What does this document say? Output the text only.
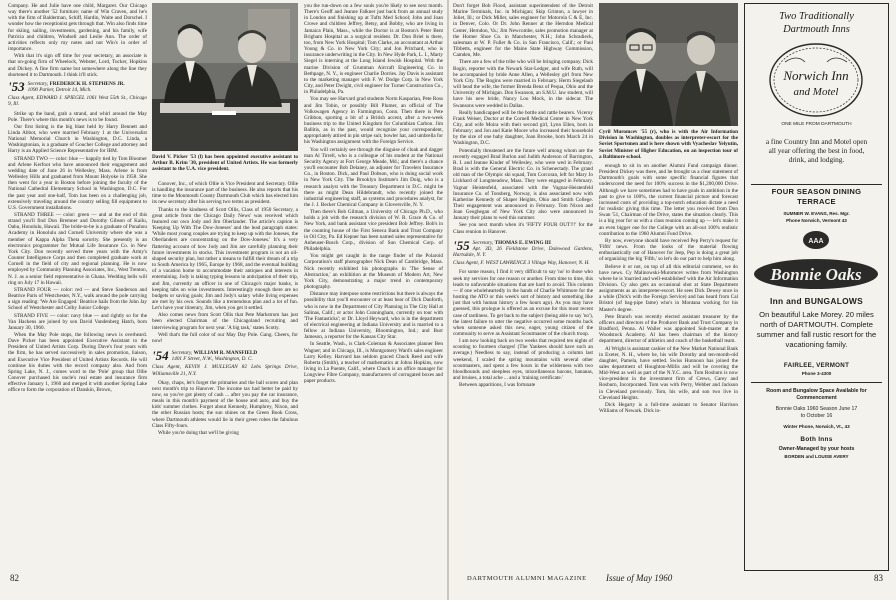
Company. He and Julie have one child, Margaret. Our Chicago way there's another '52 furniture; name of Win Craven, and he's with the firm of Balderman, Schiff, Hardin, Waite and Dorschel. I wonder how the receptionist gets through that. Win also finds time for skiing, sailing, investments, gardening, and his family, wife Patricia and children, Windsell and Leslie Ann. The order of activities reflects only my notes and not Win's in order of importance.

With that it's sign off time for your secretary, an associate is that on-going firm of Wheelock, Webster, Lord, Tucker, Hopkins and Dickey. A fine firm name but somewhere along the line they shortened it to Dartmouth. I think it'll stick.

'53 Secretary, FREDERICK H. STEPHENS JR.
1090 Parker, Detroit 14, Mich.

Class Agent, EDWARD J. SPIEGEL 1061 West 55th St., Chicago 9, Ill.

Strike up the band, grab a strand, and whirl around the May Pole. There's where this month's news is to be found.

Our first listing is the big blast held by Harry Bennett and Linda Abbot, who were married February 1 at the Universalist National Memorial Church in Washington, D.C. Linda, a Washingtonian, is a graduate of Goucher College and attorney and Harry is an Applied Science Representative for IBM.

STRAND TWO — color: blue — happily tied by Tom Bloomer and Arlene Kerfoot who have announced their engagement and wedding date of June 26 in Wellesley, Mass. Arlene is from Wellesley Hills and graduated from Mount Holyoke in 1958. She then went for a year in Boston before joining the faculty of the National Cathedral Elementary School in Washington, D.C. For the past year and one-half, Tom has been on a challenging job, extensively traveling around the country selling fill equipment to U.S. Government installations.

STRAND THREE — color: green — and at the end of this strand you'll find Don Bremner and Dorothy Gibson of Kailu, Oahu, Honolulu, Hawaii. The bride-to-be is a graduate of Punahou Academy in Honolulu and Cornell University where she was a member of Kappa Alpha Theta sorority. She presently is an electronics programmer for Mutual Life Insurance Co. in New York City. Don recently served three years with the Army's Counter Intelligence Corps and then completed graduate work at Cornell in the field of city and regional planning. He is now employed by Community Planning Associates, Inc., West Trenton, N. J. as a senior field representative in Ghana. Wedding bells will ring on July 17 in Hawaii.

STRAND FOUR — color: red — and Steve Sanderson and Beatrice Paris of Westchester, N.Y., walk around the pole carrying a sign reading: 'We Are Engaged.' Beatrice hails from the John Jay School of Westchester and Colby Junior College.

STRAND FIVE — color: navy blue — and rightly so for the Van Hackens are joined by son David Vandenberg Hatch, born January 30, 1960.

When the May Pole stops, the following news is overheard. Dave Picker has been appointed Executive Assistant to the President of United Artists Corp. During Dave's four years with the firm, he has served successively in sales promotion, liaison, and Executive Vice President of United Artists Records. He will continue his duties with the record company also. And from Spring Lake, N. J., comes word to the 'Pole' group that Ollie Conover purchased his uncle's real estate and insurance firm effective January 1, 1960 and merged it with another Spring Lake office to form the corporation of Danskin, Brown,

David V. Picker '53 (l) has been appointed executive assistant to Arthur B. Krim '30, president of United Artists. He was formerly assistant to the U.A. vice president.

Conover, Inc., of which Ollie is Vice President and Secretary. Ollie is handling the insurance part of the business. He also reports that his time to the Monmouth County Dartmouth Club which has elected him its new secretary after his serving two terms as president.

Thanks to the kindness of Scott Ollis, Class of 1950 Secretary, a great article from the Chicago Daily News' was received which featured our own Jody and Jim Oberlander. The article's caption is 'Keeping Up With The Dow-Joneses' and the lead paragraph states: 'While most young couples are trying to keep up with the Joneses, the Oberlanders are concentrating on the Dow-Joneses.' It's a very flattering account of how Jody and Jim are carefully planning their future investments in stocks. This investment program is not an oil-shaped security plan, but rather a means to fulfill their dream of a trip to South America by 1965, Europe by 1968, and the eventual building of a vacation home to accommodate their antiques and interests in entertaining. Jody is taking typing lessons in anticipation of their trip, and Jim, currently an officer in one of Chicago's major banks, is keeping tabs on wise investments. Interestingly enough there are no budgets or saving goals; Jim and Jody's salary while living expenses are met by his own. Sounds like a tremendous plan and a lot of fun. Let's have your itinerary, Jim, when you get it settled.

Also comes news from Scott Ollis that Pete Markstrom has just been elected Chairman of the Chicagoland recruiting and interviewing program for next year. 'A big task,' states Scotty.

Well that's the full color of our May Day Pole. Gang. Cheers, for now!

'54 Secretary, WILLIAM R. MANSFIELD
1401 F Street, N.W., Washington, D. C.

Class Agent, KEVIN J. MULLIGAN 82 Lebs Springs Drive, Williamsville 21, N.Y.

Okay, chaps, let's forget the primaries and the ball scores and plan next month's trip to Hanover. The income tax had better be paid by now, so you've got plenty of cash ... after you pay the car insurance, meals in this month's payment of the house and auto, and buy the kids' summer clothes. Forget about Kennedy, Humphrey, Nixon, and the other Russian hosts; the sun shines on the Green Book Cross, where Dartmouth athletes would lie in their green robes the fabulous Class Fifty-fours.

While you're doing that we'll be giving

you the run-down on a few souls you're likely to see next month. There's Geoff and Jeanne Falkner just back from an annual study in London and finishing up at Tufts Med School; John and Joan Crowe and children Jeffrey, Betsy, and Bobby, who are living in Jamaica Plain, Mass., while the Doctor is at Boston's Peter Bent Brigham Hospital as a surgical resident. Dr. Don Briel is there, too, from New York Hospital; Tom Clarke, an accountant at Arthur Young & Co. in New York City; and Jon Pritchard, who is insurance underwriting in the City. In New Hyde Park, L. I., Marty Siegel is interning at the Long Island Jewish Hospital. With the marine Division of Grumman Aircraft Engineering Co. in Bethpage, N. Y., is engineer Charlie Dorries. Jay Davis is assistant to the marketing manager with F. W. Dodge Corp. in New York City, and Peter Dwight, civil engineer for Turner Construction Co., in Philadelphia, Pa.

You may see Harvard grad students Norm Kasparian, Pete Ross and Jim Tobin, or possibly Bill Plumer, an official of The Volkswagen Agency in Farmington, Conn. Then there is Pete Gribbon, sporting a bit of a British accent, after a two-week business trip to the United Kingdom for Columbian Carbon. Jim Ballitis, as in the past, would recognize your correspondent, appropriately attired in pin stripe suit, bowler hat, and umbrella for his Washington assignment with the Foreign Service.

You will certainly see through the disguise of cloak and dagger man Al Tirrell, who is a colleague of his student at the National Security Agency at Fort George Meade, Md.; and there's a chance you'll encounter Bob Delaney, an adjuster for Travelers Insurance Co., in Boston. Dick, and Paul Dobson, who is doing social work in New York City. The Brooklyn Institute's Jim Doig, who is a research analyst with the Treasury Department in D.C. might be there as might Dean Hildebrandt, who recently joined the industrial engineering staff, as systems and procedures analyst, for the J. J. Becker Chemical Company in Gloversville, N. Y.

Then there's Bob Gilman, a University of Chicago Ph.D., who holds a job with the research division of W. R. Grace & Co. of New York, and bank assistant vice president Bob Jeffrey. Bob's in the counting house of the First Seneca Bank and Trust Company in Oil City, Pa. Ed Kepner has been named sales representative for Anheuser-Busch Corp., division of Sun Chemical Corp. of Philadelphia.

You might get caught in the range finder of the Polaroid Corporation's staff photographer Nick Dean of Cambridge, Mass. Nick recently exhibited his photographs in 'The Sense of Abstraction,' an exhibition at the Museum of Modern Art, New York City, demonstrating a major trend in contemporary photography.

Distance may interpose some restrictions but there is always the possibility that you'll encounter or at least hear of Dick Danforth, who is now in the Department of City Planning in The City Hall at Salinas, Calif.; or actor John Cunningham, currently on tour with 'The Fantasticks'; or Dr. Lloyd Heyward, who is in the department of electrical engineering at Indiana University and is married to a fellow at Indiana University, Bloomington, Ind.; and Burr Jameson, a reporter for the Kansas City Star.

In Seattle, Wash., is Clark-Coleman & Associates planner Ben Wagner; and in Chicago, Ill., is Montgomery Ward's sales engineer Larry Kelley. Harvard has seldom graced Chuck Reed and wife Roberta (Smith), a teacher of mathematics at Johns Hopkins, now living in La Puente, Calif., where Chuck is an office manager for Longview Fibre Company, manufacturers of corrugated boxes and paper products.

82

Don't forget Bob Flood, assistant superintendent of the Detroit Marine Terminals, Inc. in Michigan; Skip Grinton, a lawyer in Joliet, Ill.; or Dick Miller, sales engineer for Motorola C & E, Inc. in Denver, Colo. Or Dr. John Renner at the Herndon Medical Center, Herndon, Va.; Jim Newcombe, sales promotion manager at the Homer Shoe Co. in Manchester, N.H.; John Schradieck, salesman at W. P. Fuller & Co. in San Francisco, Calif.; or Paul Tibbetts, engineer for the Maine State Highway Commission, Camden, Me.

There are a few of the tribe who will be bringing company. Dick Bogin, reporter with the Newark Star-Ledger, and wife Ruth, will be accompanied by bride Anne Allen, a Wellesley girl from New York City. The Rogins were married in February. Herm Siegelaub will head the wife, the former Brenda Benz of Pequa, Ohio and the University of Michigan. Don Swanson, an S.M.U. law student, will have his new bride, Nancy Lou Mock, in the sidecar. The Swansons were wedded in Dallas.

Really handicapped will be the bottle and rattle bearers. Viceroy Frank Weiser, Doctor at the Cornell Medical Center in New York City, and wife Moira with their second girl, Lynn Ellen, born in February; and Jon and Katie Moore who increased their household by the size of one baby daughter, Joan Brooke, born March 24 in Washington, D.C.

Potentially threatened are the future well among whom are the recently engaged Brad Burlon and Judith Anderson of Barrington, R. I. and Jeanne Kinder of Wellesley, who were wed in February. Brad is with the General Electric Co. in Schenectady. The grand old man of the Olympic ski squad, Tom Corcoran, left for Mary Jo Lickhard of Longmeadow, Mass. They were engaged in February. Vagnar Heistenfeld, associated with the Vagnar-Heistenfeld Insurance Co. of Tonsberg, Norway, is also associated now with Katherine Kennedy of Shaper Heights, Ohio and Smith College. Their engagement was announced in February. Tom Nixon and Joan Geoghegan of New York City also were announced in January their plans to wed this summer.

See you next month when it's 'FIFTY FOUR OUT!!!' for the Class reunion in Hanover.

'55 Secretary, THOMAS E. EWING III
Apt. 3D, 26 Fieldstone Drive, Dalewood Gardens, Hartsdale, N. Y.

Class Agent, F. WEST LAWRENCE 3 Village Way, Hanover, N. H.

For some reason, I find it very difficult to say 'no' to those who seek my services for one reason or another. From time to time, this leads to unfavorable situations that are hard to avoid. This column — if one wholeheartedly in the hands of Charlie Whitmore for the hosting the ATO or this week's sort of history and something like just that with human history a few hours ago). As you may have guessed, this prologue is offered as an excuse for this most recent case of tardiness. To get back to the subject (being able to say 'no'), the latest failure to utter the negative occurred some months back when someone asked this new, eager, young citizen of the community to serve as Assistant Scoutmaster of the church troop.

I am now looking back on two weeks that required ten nights of scouting to fourteen charges! (The Yankees should have such an average.) Needless to say, instead of producing a column last weekend, I scaled the spring mountains with several other scoutmasters, and spent a few hours in the wilderness with two bloodhounds and sleepless eyes, miscellaneous bacons, bananas, and bruises, a total ache ... and a 'training certificate.'

Between apparitions, I was fortunate

Cyril Muromcev '55 (r), who is with the Air Information Division in Washington, doubles as interpreter-escort for the Soviet Sportsmen and is here shown with Vyacheslav Yelyutin, Soviet Minister of Higher Education, on an inspection tour of a Baltimore school.

enough to sit in on another Alumni Fund campaign dinner. President Dickey was there, and he brought us a clear statement of Dartmouth's goals with some specific financial figures that underscored the need for 100% success in the $1,200,000 Drive. Although we have sometimes had to have goals in ambition in the past to give to 100%, the current financial picture and forecast increased costs of providing a top-notch education dictate a need for realistic giving this time. The letter you received from Don Swan '51, Chairman of the Drive, states the situation clearly. This is a big year for us with a class reunion coming up — let's make it an even bigger one for the College with an all-out 100% realistic contribution to the 1960 Alumni Fund Drive.

By now, everyone should have received Pep Perry's request for 'Fifth' news. From the looks of the material flowing enthusiastically out of Hanover for Jeep, Pep is doing a great job of organizing the big 'Fifth,' so let's do our part to help him along.

Believe it or not, on top of all this editorial comment, we do have news. Cy Malinowski-Muromcev writes from Washington where he is 'married and well-established' with the Air Information Division. Cy also gets an occasional shot at State Department assignments as an interpreter-escort. He sees Dick Dewey once in a while (Dick's with the Foreign Service) and has heard from Cal Bristol (of bag-pipe fame) who's in Montana working for his Master's degree.

Pete Branch was recently elected assistant treasurer by the officers and directors of the Producer Bank and Trust Company in Bradford, Penna. Al Waller was appointed Sub-master at the Woodstock Academy. Al has been chairman of the history department, director of athletics and coach of the basketball team.

Al Wright is assistant cashier of the New Market National Bank in Exeter, N. H., where he, his wife Dorothy and ten-month-old daughter, Pamela, have settled. Swiss Hunnoon has joined the sales department of Houghton-Millis and will be covering the Mid-West as well as part of the N.Y.C. area. Tom Rosburn is now vice-president in the investment firm of Crews, Carey and Rosburn, Incorporated. Tom was with Perry, Webber and Jackson in Cleveland previously. Tom, his wife, and son two live in Cleveland Heights.

Dick Hegarty is a full-time assistant to Senator Harrison Williams of Newark. Dick in-

Two Traditionally Dartmouth Inns
Norwich Inn
and Motel
ONE MILE FROM DARTMOUTH
a fine Country Inn and Motel open all year offering the best in food, drink, and lodging.
FOUR SEASON DINING TERRACE
SUMNER W. EVANS, Res. Mgr.
Phone Norwich, Vermont 43
AAA
Bonnie Oaks
Inn and BUNGALOWS
On beautiful Lake Morey. 20 miles north of DARTMOUTH. Complete summer and fall rustic resort for the vacationing family.
FAIRLEE, VERMONT
Phone 3-4300
Room and Bungalow Space Available for Commencement
Bonnie Oaks 1960 Season June 17 to October 16
Winter Phone, Norwich, Vt., 43
Both Inns
Owner-Managed by your hosts
BORDEN and LOUISE AVERY
DARTMOUTH ALUMNI MAGAZINE Issue of May 1960	83
